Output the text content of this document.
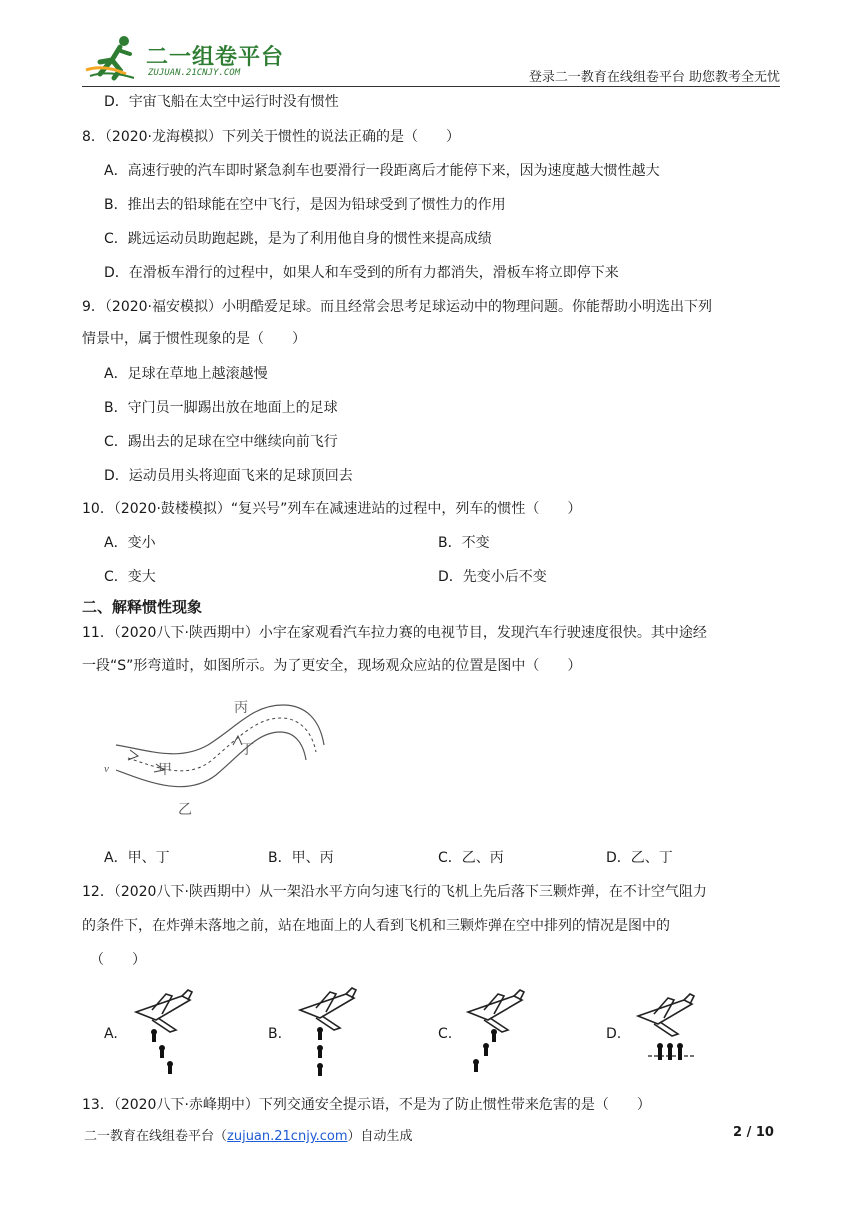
二一组卷平台
ZUJUAN.21CNJY.COM	登录二一教育在线组卷平台 助您教考全无忧
D．宇宙飞船在太空中运行时没有惯性
8．（2020·龙海模拟）下列关于惯性的说法正确的是（　　）
A．高速行驶的汽车即时紧急刹车也要滑行一段距离后才能停下来，因为速度越大惯性越大
B．推出去的铅球能在空中飞行，是因为铅球受到了惯性力的作用
C．跳远运动员助跑起跳，是为了利用他自身的惯性来提高成绩
D．在滑板车滑行的过程中，如果人和车受到的所有力都消失，滑板车将立即停下来
9．（2020·福安模拟）小明酷爱足球。而且经常会思考足球运动中的物理问题。你能帮助小明选出下列
情景中，属于惯性现象的是（　　）
A．足球在草地上越滚越慢
B．守门员一脚踢出放在地面上的足球
C．踢出去的足球在空中继续向前飞行
D．运动员用头将迎面飞来的足球顶回去
10．（2020·鼓楼模拟）“复兴号”列车在减速进站的过程中，列车的惯性（　　）
A．变小	B．不变
C．变大	D．先变小后不变
二、解释惯性现象
11．（2020八下·陕西期中）小宇在家观看汽车拉力赛的电视节目，发现汽车行驶速度很快。其中途经
一段“S”形弯道时，如图所示。为了更安全，现场观众应站的位置是图中（　　）
v	甲
乙
丙
丁
A．甲、丁	B．甲、丙	C．乙、丙	D．乙、丁
12．（2020八下·陕西期中）从一架沿水平方向匀速飞行的飞机上先后落下三颗炸弹，在不计空气阻力
的条件下，在炸弹未落地之前，站在地面上的人看到飞机和三颗炸弹在空中排列的情况是图中的
（　　）
A.	B.	C.	D.
13．（2020八下·赤峰期中）下列交通安全提示语，不是为了防止惯性带来危害的是（　　）
二一教育在线组卷平台（zujuan.21cnjy.com）自动生成	2 / 10
